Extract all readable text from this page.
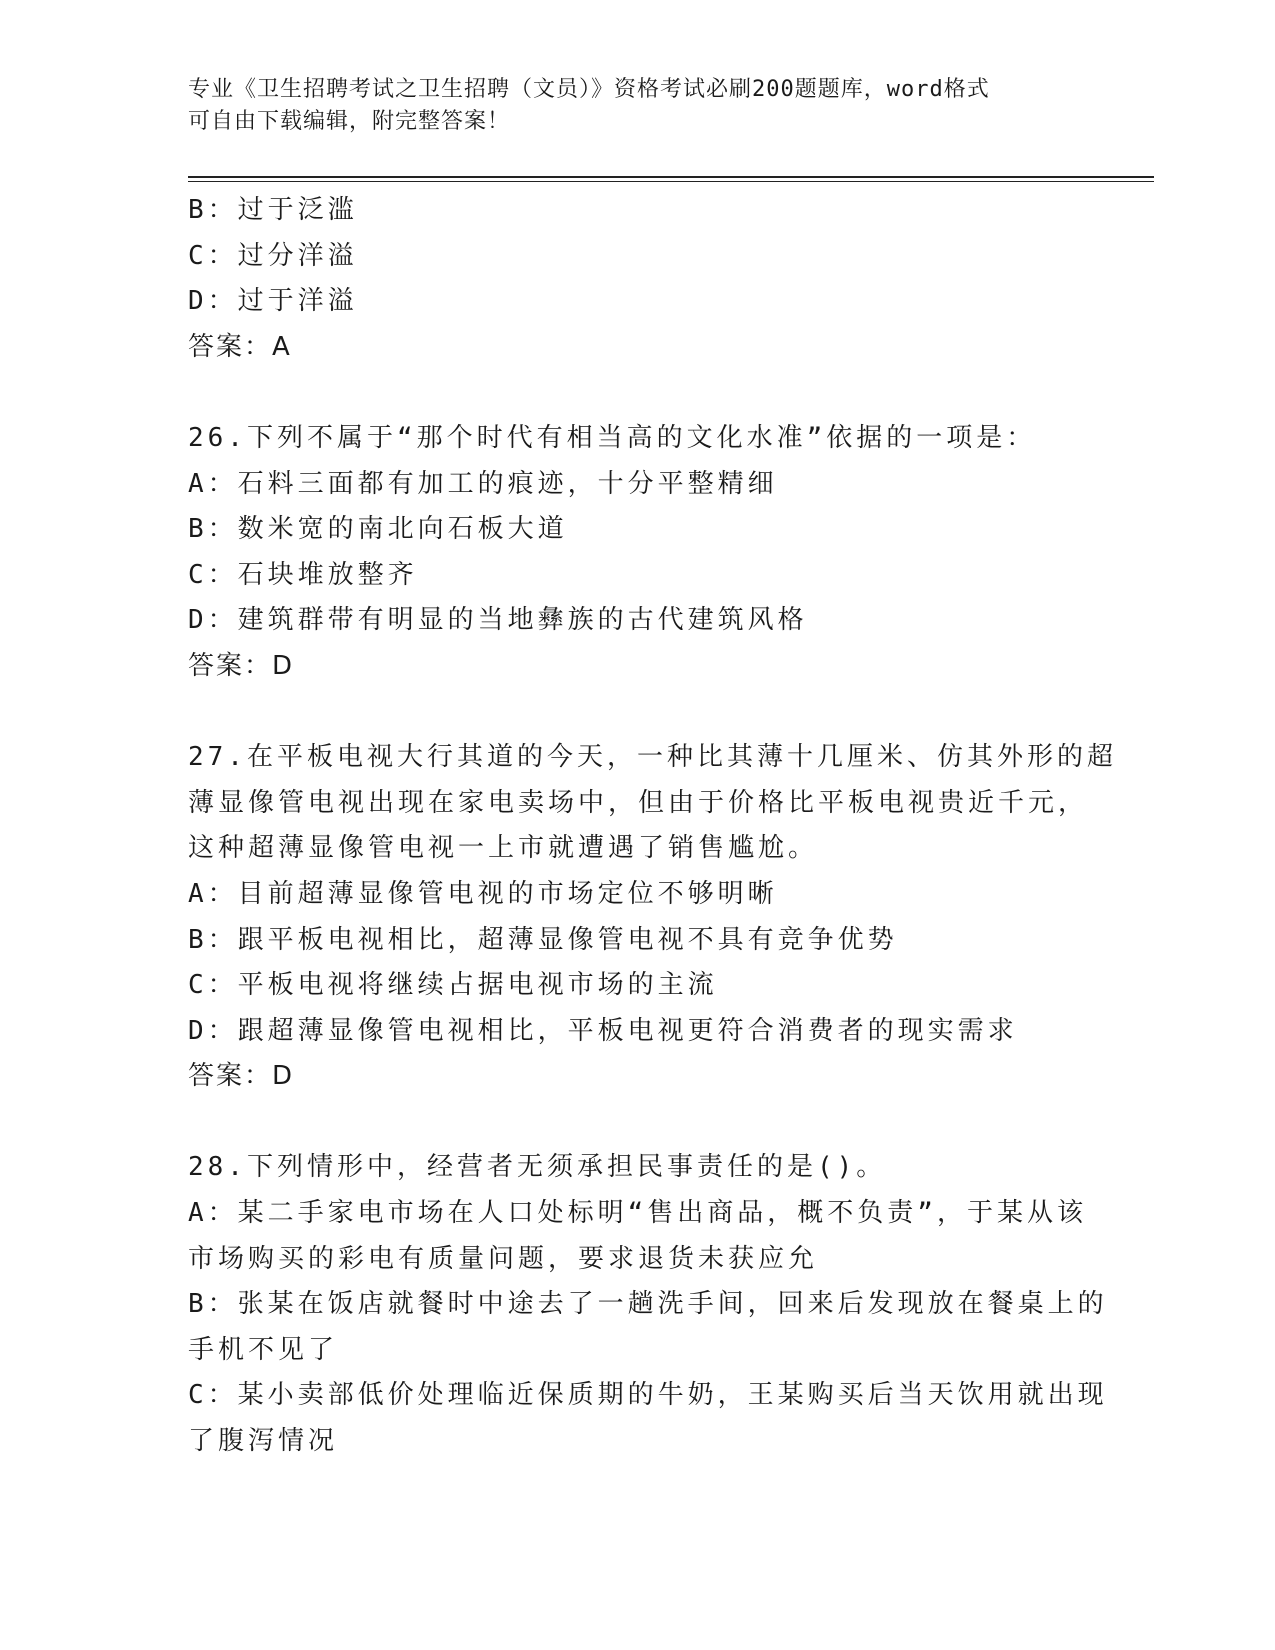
专业《卫生招聘考试之卫生招聘（文员）》资格考试必刷200题题库，word格式
可自由下载编辑，附完整答案！
B：过于泛滥
C：过分洋溢
D：过于洋溢
答案：A
26.下列不属于“那个时代有相当高的文化水准”依据的一项是：
A：石料三面都有加工的痕迹，十分平整精细
B：数米宽的南北向石板大道
C：石块堆放整齐
D：建筑群带有明显的当地彝族的古代建筑风格
答案：D
27.在平板电视大行其道的今天，一种比其薄十几厘米、仿其外形的超
薄显像管电视出现在家电卖场中，但由于价格比平板电视贵近千元，
这种超薄显像管电视一上市就遭遇了销售尴尬。
A：目前超薄显像管电视的市场定位不够明晰
B：跟平板电视相比，超薄显像管电视不具有竞争优势
C：平板电视将继续占据电视市场的主流
D：跟超薄显像管电视相比，平板电视更符合消费者的现实需求
答案：D
28.下列情形中，经营者无须承担民事责任的是()。
A：某二手家电市场在人口处标明“售出商品，概不负责”，于某从该
市场购买的彩电有质量问题，要求退货未获应允
B：张某在饭店就餐时中途去了一趟洗手间，回来后发现放在餐桌上的
手机不见了
C：某小卖部低价处理临近保质期的牛奶，王某购买后当天饮用就出现
了腹泻情况
